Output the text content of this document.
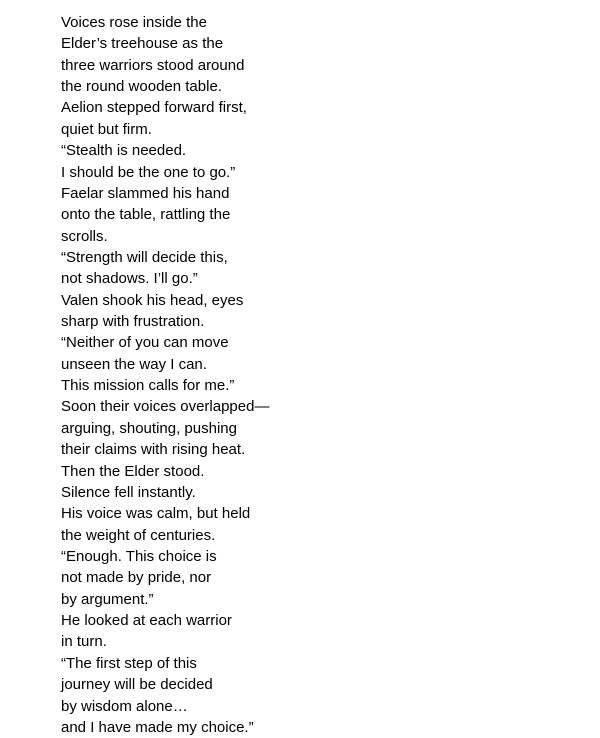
Voices rose inside the
Elder’s treehouse as the
three warriors stood around
the round wooden table.
Aelion stepped forward first,
quiet but firm.
“Stealth is needed.
I should be the one to go.”
Faelar slammed his hand
onto the table, rattling the
scrolls.
“Strength will decide this,
not shadows. I’ll go.”
Valen shook his head, eyes
sharp with frustration.
“Neither of you can move
unseen the way I can.
This mission calls for me.”
Soon their voices overlapped—
arguing, shouting, pushing
their claims with rising heat.
Then the Elder stood.
Silence fell instantly.
His voice was calm, but held
the weight of centuries.
“Enough. This choice is
not made by pride, nor
by argument.”
He looked at each warrior
in turn.
“The first step of this
journey will be decided
by wisdom alone…
and I have made my choice.”
